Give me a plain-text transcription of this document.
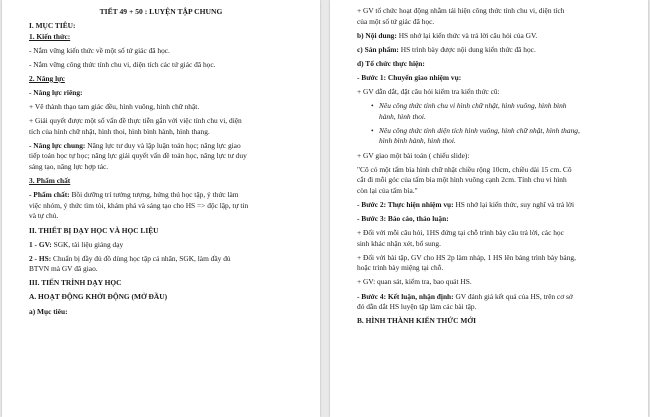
TIẾT 49 + 50 : LUYỆN TẬP CHUNG

I. MỤC TIÊU:

1. Kiến thức:

- Nắm vững kiến thức về một số tứ giác đã học.

- Nắm vững công thức tính chu vi, diện tích các tứ giác đã học.

2. Năng lực

- Năng lực riêng:

+ Vẽ thành thạo tam giác đều, hình vuông, hình chữ nhật.

+ Giải quyết được một số vấn đề thực tiễn gắn với việc tính chu vi, diện

tích của hình chữ nhật, hình thoi, hình bình hành, hình thang.

- Năng lực chung: Năng lực tư duy và lập luận toán học; năng lực giao

tiếp toán học tự học; năng lực giải quyết vấn đề toán học, năng lực tư duy

sáng tạo, năng lực hợp tác.

3. Phẩm chất

- Phẩm chất: Bồi dưỡng trí tưởng tượng, hứng thú học tập, ý thức làm

việc nhóm, ý thức tìm tòi, khám phá và sáng tạo cho HS => độc lập, tự tin

và tự chủ.

II. THIẾT BỊ DẠY HỌC VÀ HỌC LIỆU

1 - GV: SGK, tài liệu giảng dạy

2 - HS: Chuẩn bị đầy đủ đồ dùng học tập cá nhân, SGK, làm đầy đủ

BTVN mà GV đã giao.

III. TIẾN TRÌNH DẠY HỌC

A. HOẠT ĐỘNG KHỞI ĐỘNG (MỞ ĐẦU)

a) Mục tiêu:

+ GV tổ chức hoạt động nhằm tái hiện công thức tính chu vi, diện tích

của một số tứ giác đã học.

b) Nội dung: HS nhớ lại kiến thức và trả lời câu hỏi của GV.

c) Sản phẩm: HS trình bày được nội dung kiến thức đã học.

d) Tổ chức thực hiện:

- Bước 1: Chuyển giao nhiệm vụ:

+ GV dẫn dắt, đặt câu hỏi kiểm tra kiến thức cũ:

• Nêu công thức tính chu vi hình chữ nhật, hình vuông, hình bình

hành, hình thoi.

• Nêu công thức tính diện tích hình vuông, hình chữ nhật, hình thang,

hình bình hành, hình thoi.

+ GV giao một bài toán ( chiếu slide):

"Cô có một tấm bìa hình chữ nhật chiều rộng 10cm, chiều dài 15 cm. Cô

cắt đi mỗi góc của tấm bìa một hình vuông cạnh 2cm. Tính chu vi hình

còn lại của tấm bìa."

- Bước 2: Thực hiện nhiệm vụ: HS nhớ lại kiến thức, suy nghĩ và trả lời

- Bước 3: Báo cáo, thảo luận:

+ Đối với mỗi câu hỏi, 1HS đứng tại chỗ trình bày câu trả lời, các học

sinh khác nhận xét, bổ sung.

+ Đối với bài tập, GV cho HS 2p làm nháp, 1 HS lên bảng trình bày bảng,

hoặc trình bày miệng tại chỗ.

+ GV: quan sát, kiểm tra, bao quát HS.

- Bước 4: Kết luận, nhận định: GV đánh giá kết quả của HS, trên cơ sở

đó dẫn dắt HS luyện tập làm các bài tập.

B. HÌNH THÀNH KIẾN THỨC MỚI
